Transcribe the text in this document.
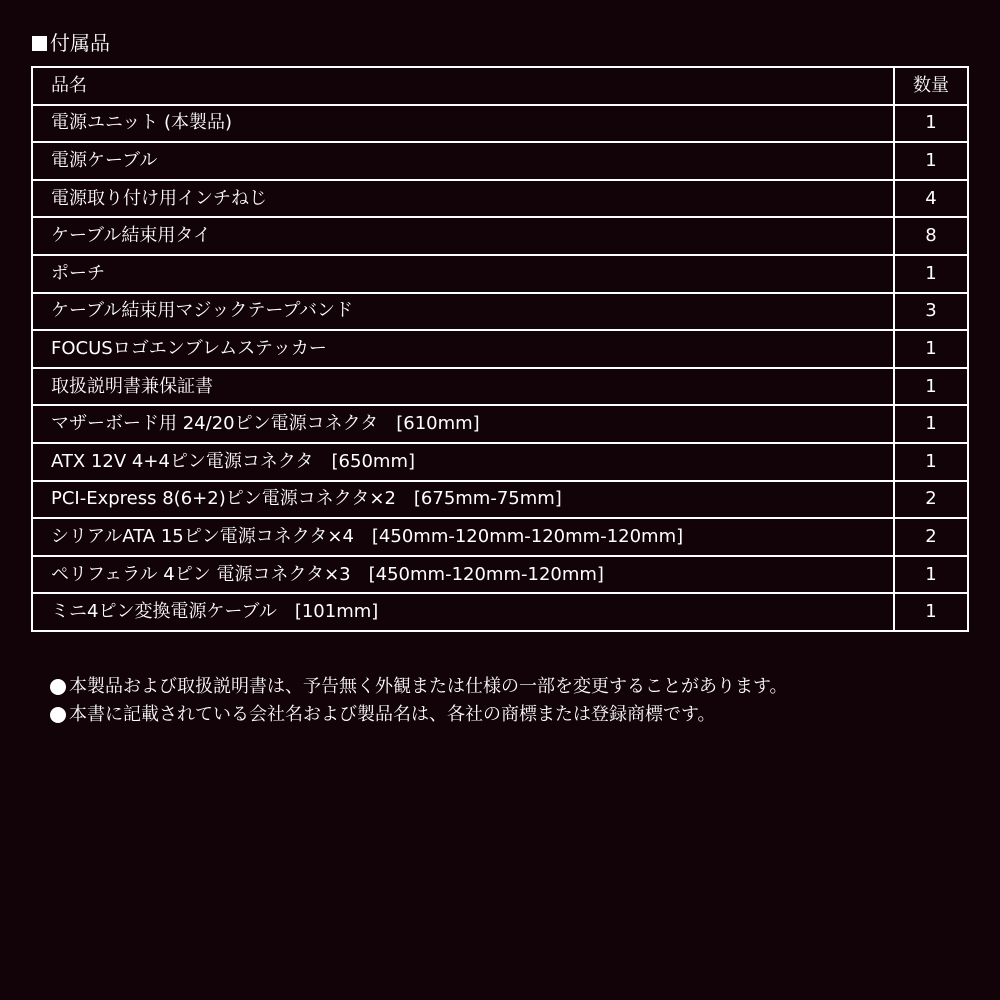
付属品
品名	数量
電源ユニット (本製品)	1
電源ケーブル	1
電源取り付け用インチねじ	4
ケーブル結束用タイ	8
ポーチ	1
ケーブル結束用マジックテープバンド	3
FOCUSロゴエンブレムステッカー	1
取扱説明書兼保証書	1
マザーボード用 24/20ピン電源コネクタ　[610mm]	1
ATX 12V 4+4ピン電源コネクタ　[650mm]	1
PCI-Express 8(6+2)ピン電源コネクタ×2　[675mm-75mm]	2
シリアルATA 15ピン電源コネクタ×4　[450mm-120mm-120mm-120mm]	2
ペリフェラル 4ピン 電源コネクタ×3　[450mm-120mm-120mm]	1
ミニ4ピン変換電源ケーブル　[101mm]	1
本製品および取扱説明書は、予告無く外観または仕様の一部を変更することがあります。
本書に記載されている会社名および製品名は、各社の商標または登録商標です。
